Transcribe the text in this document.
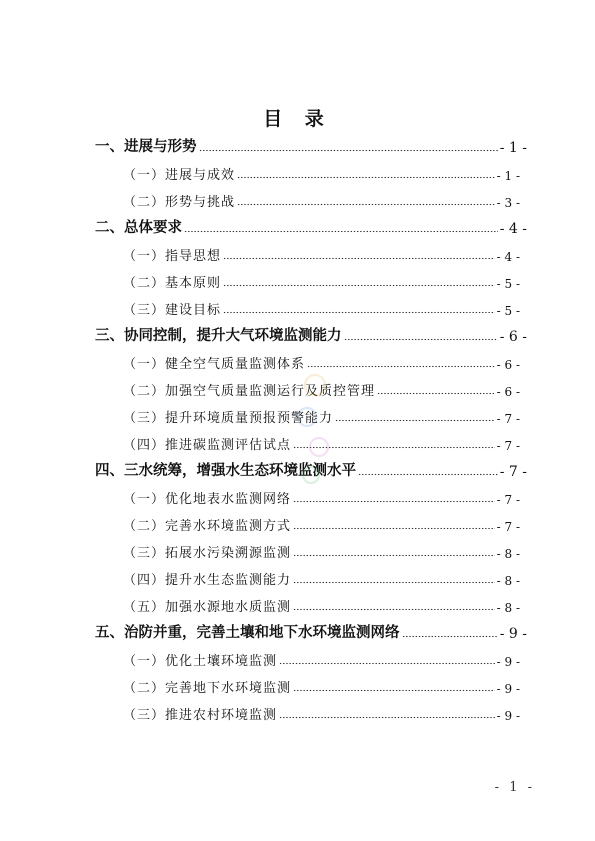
目 录
一、进展与形势	- 1 -
（一）进展与成效	- 1 -
（二）形势与挑战	- 3 -
二、总体要求	- 4 -
（一）指导思想	- 4 -
（二）基本原则	- 5 -
（三）建设目标	- 5 -
三、协同控制，提升大气环境监测能力	- 6 -
（一）健全空气质量监测体系	- 6 -
（二）加强空气质量监测运行及质控管理	- 6 -
（三）提升环境质量预报预警能力	- 7 -
（四）推进碳监测评估试点	- 7 -
四、三水统筹，增强水生态环境监测水平	- 7 -
（一）优化地表水监测网络	- 7 -
（二）完善水环境监测方式	- 7 -
（三）拓展水污染溯源监测	- 8 -
（四）提升水生态监测能力	- 8 -
（五）加强水源地水质监测	- 8 -
五、治防并重，完善土壤和地下水环境监测网络	- 9 -
（一）优化土壤环境监测	- 9 -
（二）完善地下水环境监测	- 9 -
（三）推进农村环境监测	- 9 -
- 1 -
